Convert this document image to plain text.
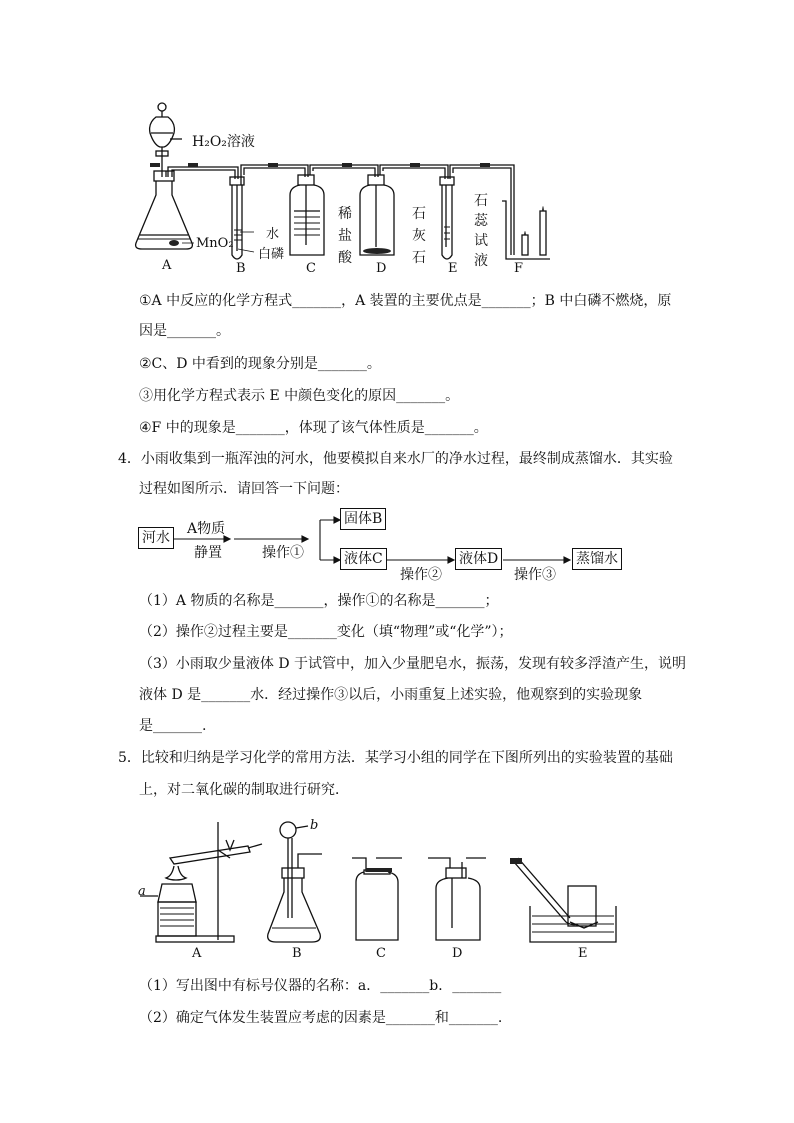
H₂O₂溶液
MnO₂
水
白磷
稀盐酸
石灰石
石蕊试液
A	B	C	D	E	F
①A 中反应的化学方程式_______，A 装置的主要优点是_______；B 中白磷不燃烧，原
因是_______。
②C、D 中看到的现象分别是_______。
③用化学方程式表示 E 中颜色变化的原因_______。
④F 中的现象是_______，体现了该气体性质是_______。
4．小雨收集到一瓶浑浊的河水，他要模拟自来水厂的净水过程，最终制成蒸馏水．其实验
过程如图所示．请回答一下问题：
河水
A物质
静置	操作①
固体B
液体C
操作②
液体D
操作③
蒸馏水
（1）A 物质的名称是_______，操作①的名称是_______；
（2）操作②过程主要是_______变化（填“物理”或“化学”）；
（3）小雨取少量液体 D 于试管中，加入少量肥皂水，振荡，发现有较多浮渣产生，说明
液体 D 是_______水．经过操作③以后，小雨重复上述实验，他观察到的实验现象
是_______.
5．比较和归纳是学习化学的常用方法．某学习小组的同学在下图所列出的实验装置的基础
上，对二氧化碳的制取进行研究．
a
b
A	B	C	D	E
（1）写出图中有标号仪器的名称：a．_______b．_______
（2）确定气体发生装置应考虑的因素是_______和_______.
